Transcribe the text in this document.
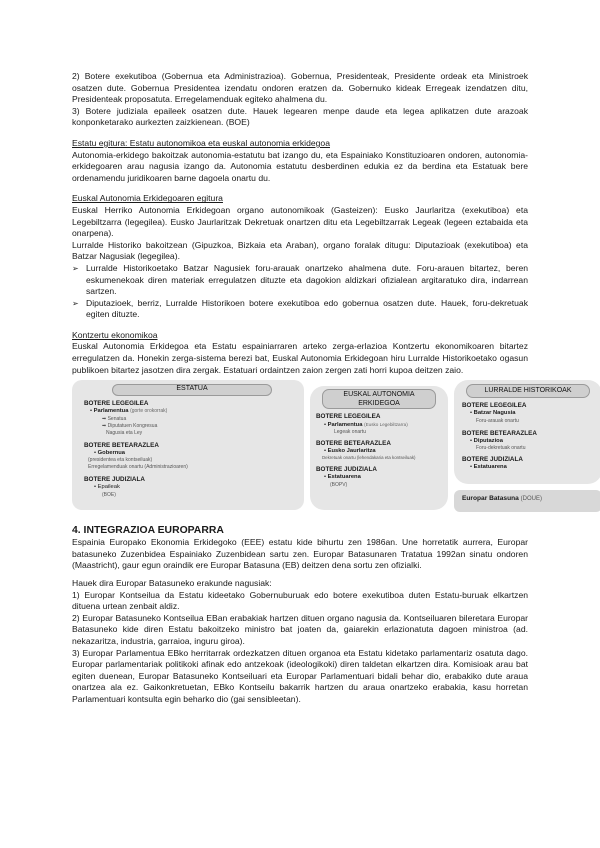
2) Botere exekutiboa (Gobernua eta Administrazioa). Gobernua, Presidenteak, Presidente ordeak eta Ministroek osatzen dute. Gobernua Presidentea izendatu ondoren eratzen da. Gobernuko kideak Erregeak izendatzen ditu, Presidenteak proposatuta. Erregelamenduak egiteko ahalmena du.

3) Botere judiziala epaileek osatzen dute. Hauek legearen menpe daude eta legea aplikatzen dute arazoak konponketarako aurkezten zaizkienean. (BOE)

Estatu egitura: Estatu autonomikoa eta euskal autonomia erkidegoa

Autonomia-erkidego bakoitzak autonomia-estatutu bat izango du, eta Espainiako Konstituzioaren ondoren, autonomia-erkidegoaren arau nagusia izango da. Autonomia estatutu desberdinen edukia ez da berdina eta Estatuak bere ordenamendu juridikoaren barne dagoela onartu du.

Euskal Autonomia Erkidegoaren egitura

Euskal Herriko Autonomia Erkidegoan organo autonomikoak (Gasteizen): Eusko Jaurlaritza (exekutiboa) eta Legebiltzarra (legegilea). Eusko Jaurlaritzak Dekretuak onartzen ditu eta Legebiltzarrak Legeak (legeen eztabaida eta onarpena).

Lurralde Historiko bakoitzean (Gipuzkoa, Bizkaia eta Araban), organo foralak ditugu: Diputazioak (exekutiboa) eta Batzar Nagusiak (legegilea).

➢ Lurralde Historikoetako Batzar Nagusiek foru-arauak onartzeko ahalmena dute. Foru-arauen bitartez, beren eskumenekoak diren materiak erregulatzen dituzte eta dagokion aldizkari ofizialean argitaratuko dira, indarrean sartzen.
➢ Diputazioek, berriz, Lurralde Historikoen botere exekutiboa edo gobernua osatzen dute. Hauek, foru-dekretuak egiten dituzte.

Kontzertu ekonomikoa

Euskal Autonomia Erkidegoa eta Estatu espainiarraren arteko zerga-erlazioa Kontzertu ekonomikoaren bitartez erregulatzen da. Honekin zerga-sistema berezi bat, Euskal Autonomia Erkidegoan hiru Lurralde Historikoetako ogasun publikoen bitartez jasotzen dira zergak. Estatuari ordaintzen zaion zergen zati horri kupoa deitzen zaio.

ESTATUA
BOTERE LEGEGILEA
• Parlamentua (gorte orokorrak)
➡ Senatua
➡ Diputatuen Kongresua
Nagusia eta Ley
BOTERE BETEARAZLEA
• Gobernua
(presidentea eta kontseiluak)
Erregelamenduak onartu (Administrazioaren)
BOTERE JUDIZIALA
• Epaileak
(BOE)
EUSKAL AUTONOMIA ERKIDEGOA
BOTERE LEGEGILEA
• Parlamentua (Eusko Legebiltzarra)
Legeak onartu
BOTERE BETEARAZLEA
• Eusko Jaurlaritza
Dekretuak onartu (lehendakaria eta kontseiluak)
BOTERE JUDIZIALA
• Estatuarena
(BOPV)
LURRALDE HISTORIKOAK
BOTERE LEGEGILEA
• Batzar Nagusia
Foru-arauak onartu
BOTERE BETEARAZLEA
• Diputazioa
Foru-dekretuak onartu
BOTERE JUDIZIALA
• Estatuarena
Europar Batasuna (DOUE)

4. INTEGRAZIOA EUROPARRA

Espainia Europako Ekonomia Erkidegoko (EEE) estatu kide bihurtu zen 1986an. Une horretatik aurrera, Europar batasuneko Zuzenbidea Espainiako Zuzenbidean sartu zen. Europar Batasunaren Tratatua 1992an sinatu ondoren (Maastricht), gaur egun oraindik ere Europar Batasuna (EB) deitzen dena sortu zen ofizialki.

Hauek dira Europar Batasuneko erakunde nagusiak:

1) Europar Kontseilua da Estatu kideetako Gobernuburuak edo botere exekutiboa duten Estatu-buruak elkartzen dituena urtean zenbait aldiz.

2) Europar Batasuneko Kontseilua EBan erabakiak hartzen dituen organo nagusia da. Kontseiluaren bileretara Europar Batasuneko kide diren Estatu bakoitzeko ministro bat joaten da, gaiarekin erlazionatuta dagoen ministroa (ad. nekazaritza, industria, garraioa, inguru giroa).

3) Europar Parlamentua EBko herritarrak ordezkatzen dituen organoa eta Estatu kidetako parlamentariz osatuta dago. Europar parlamentariak politikoki afinak edo antzekoak (ideologikoki) diren taldetan elkartzen dira. Komisioak arau bat egiten duenean, Europar Batasuneko Kontseiluari eta Europar Parlamentuari bidali behar dio, erabakiko dute araua onartzea ala ez. Gaikonkretuetan, EBko Kontseilu bakarrik hartzen du araua onartzeko erabakia, kasu horretan Parlamentuari kontsulta egin beharko dio (gai sensibleetan).
